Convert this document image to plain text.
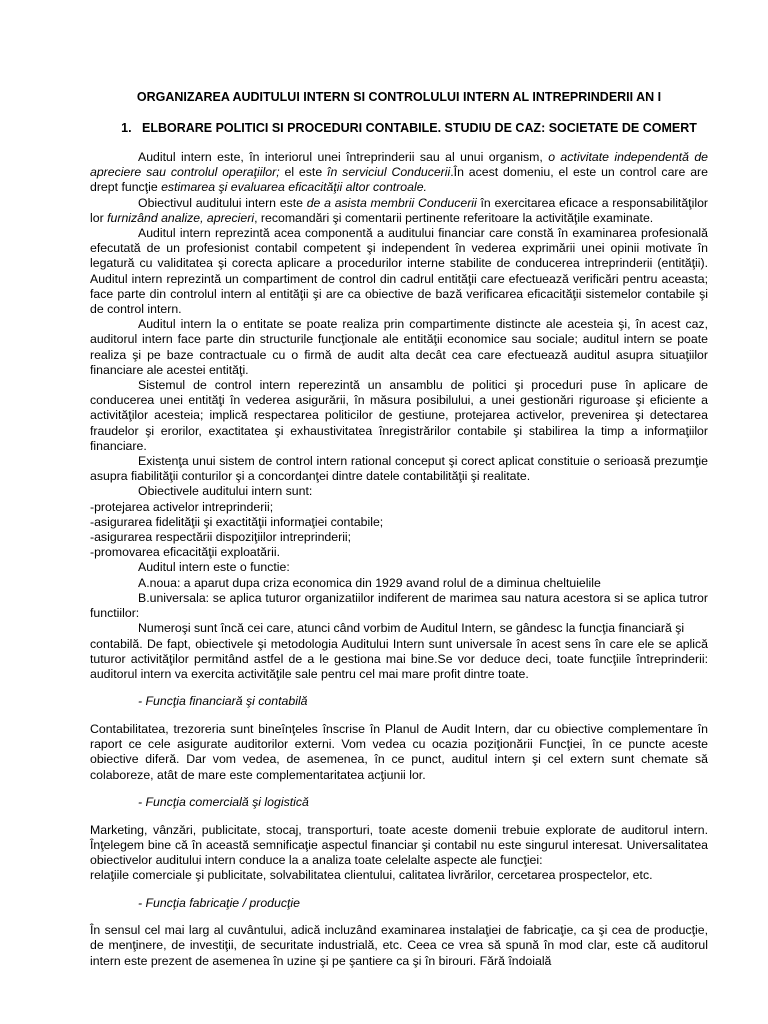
ORGANIZAREA AUDITULUI INTERN SI CONTROLULUI INTERN AL INTREPRINDERII AN I
1. ELBORARE POLITICI SI PROCEDURI CONTABILE. STUDIU DE CAZ: SOCIETATE DE COMERT

Auditul intern este, în interiorul unei întreprinderii sau al unui organism, o activitate independentă de apreciere sau controlul operaţiilor; el este în serviciul Conducerii.În acest domeniu, el este un control care are drept funcţie estimarea şi evaluarea eficacităţii altor controale.

Obiectivul auditului intern este de a asista membrii Conducerii în exercitarea eficace a responsabilităţilor lor furnizând analize, aprecieri, recomandări şi comentarii pertinente referitoare la activităţile examinate.

Auditul intern reprezintă acea componentă a auditului financiar care constă în examinarea profesională efecutată de un profesionist contabil competent şi independent în vederea exprimării unei opinii motivate în legatură cu validitatea şi corecta aplicare a procedurilor interne stabilite de conducerea intreprinderii (entităţii). Auditul intern reprezintă un compartiment de control din cadrul entităţii care efectuează verificări pentru aceasta; face parte din controlul intern al entităţii şi are ca obiective de bază verificarea eficacităţii sistemelor contabile şi de control intern.

Auditul intern la o entitate se poate realiza prin compartimente distincte ale acesteia şi, în acest caz, auditorul intern face parte din structurile funcţionale ale entităţii economice sau sociale; auditul intern se poate realiza şi pe baze contractuale cu o firmă de audit alta decât cea care efectuează auditul asupra situaţiilor financiare ale acestei entităţi.

Sistemul de control intern reperezintă un ansamblu de politici şi proceduri puse în aplicare de conducerea unei entităţi în vederea asigurării, în măsura posibilului, a unei gestionări riguroase şi eficiente a activităţilor acesteia; implică respectarea politicilor de gestiune, protejarea activelor, prevenirea şi detectarea fraudelor şi erorilor, exactitatea şi exhaustivitatea înregistrărilor contabile şi stabilirea la timp a informaţiilor financiare.

Existenţa unui sistem de control intern rational conceput şi corect aplicat constituie o serioasă prezumţie asupra fiabilităţii conturilor şi a concordanţei dintre datele contabilităţii şi realitate.

Obiectivele auditului intern sunt:

-protejarea activelor intreprinderii;

-asigurarea fidelităţii şi exactităţii informaţiei contabile;

-asigurarea respectării dispoziţiilor intreprinderii;

-promovarea eficacităţii exploatării.

Auditul intern este o functie:

A.noua: a aparut dupa criza economica din 1929 avand rolul de a diminua cheltuielile

B.universala: se aplica tuturor organizatiilor indiferent de marimea sau natura acestora si se aplica tutror functiilor:

Numeroşi sunt încă cei care, atunci când vorbim de Auditul Intern, se gândesc la funcţia financiară şi

contabilă. De fapt, obiectivele şi metodologia Auditului Intern sunt universale în acest sens în care ele se aplică tuturor activităţilor permitând astfel de a le gestiona mai bine.Se vor deduce deci, toate funcţiile întreprinderii: auditorul intern va exercita activităţile sale pentru cel mai mare profit dintre toate.

- Funcţia financiară şi contabilă

Contabilitatea, trezoreria sunt bineînţeles înscrise în Planul de Audit Intern, dar cu obiective complementare în raport ce cele asigurate auditorilor externi. Vom vedea cu ocazia poziţionării Funcţiei, în ce puncte aceste obiective diferă. Dar vom vedea, de asemenea, în ce punct, auditul intern şi cel extern sunt chemate să colaboreze, atât de mare este complementaritatea acţiunii lor.

- Funcţia comercială şi logistică

Marketing, vânzări, publicitate, stocaj, transporturi, toate aceste domenii trebuie explorate de auditorul intern. Înţelegem bine că în această semnificaţie aspectul financiar şi contabil nu este singurul interesat. Universalitatea obiectivelor auditului intern conduce la a analiza toate celelalte aspecte ale funcţiei:

relaţiile comerciale şi publicitate, solvabilitatea clientului, calitatea livrărilor, cercetarea prospectelor, etc.

- Funcţia fabricaţie / producţie

În sensul cel mai larg al cuvântului, adică incluzând examinarea instalaţiei de fabricaţie, ca şi cea de producţie, de menţinere, de investiţii, de securitate industrială, etc. Ceea ce vrea să spună în mod clar, este că auditorul intern este prezent de asemenea în uzine şi pe şantiere ca şi în birouri. Fără îndoială
